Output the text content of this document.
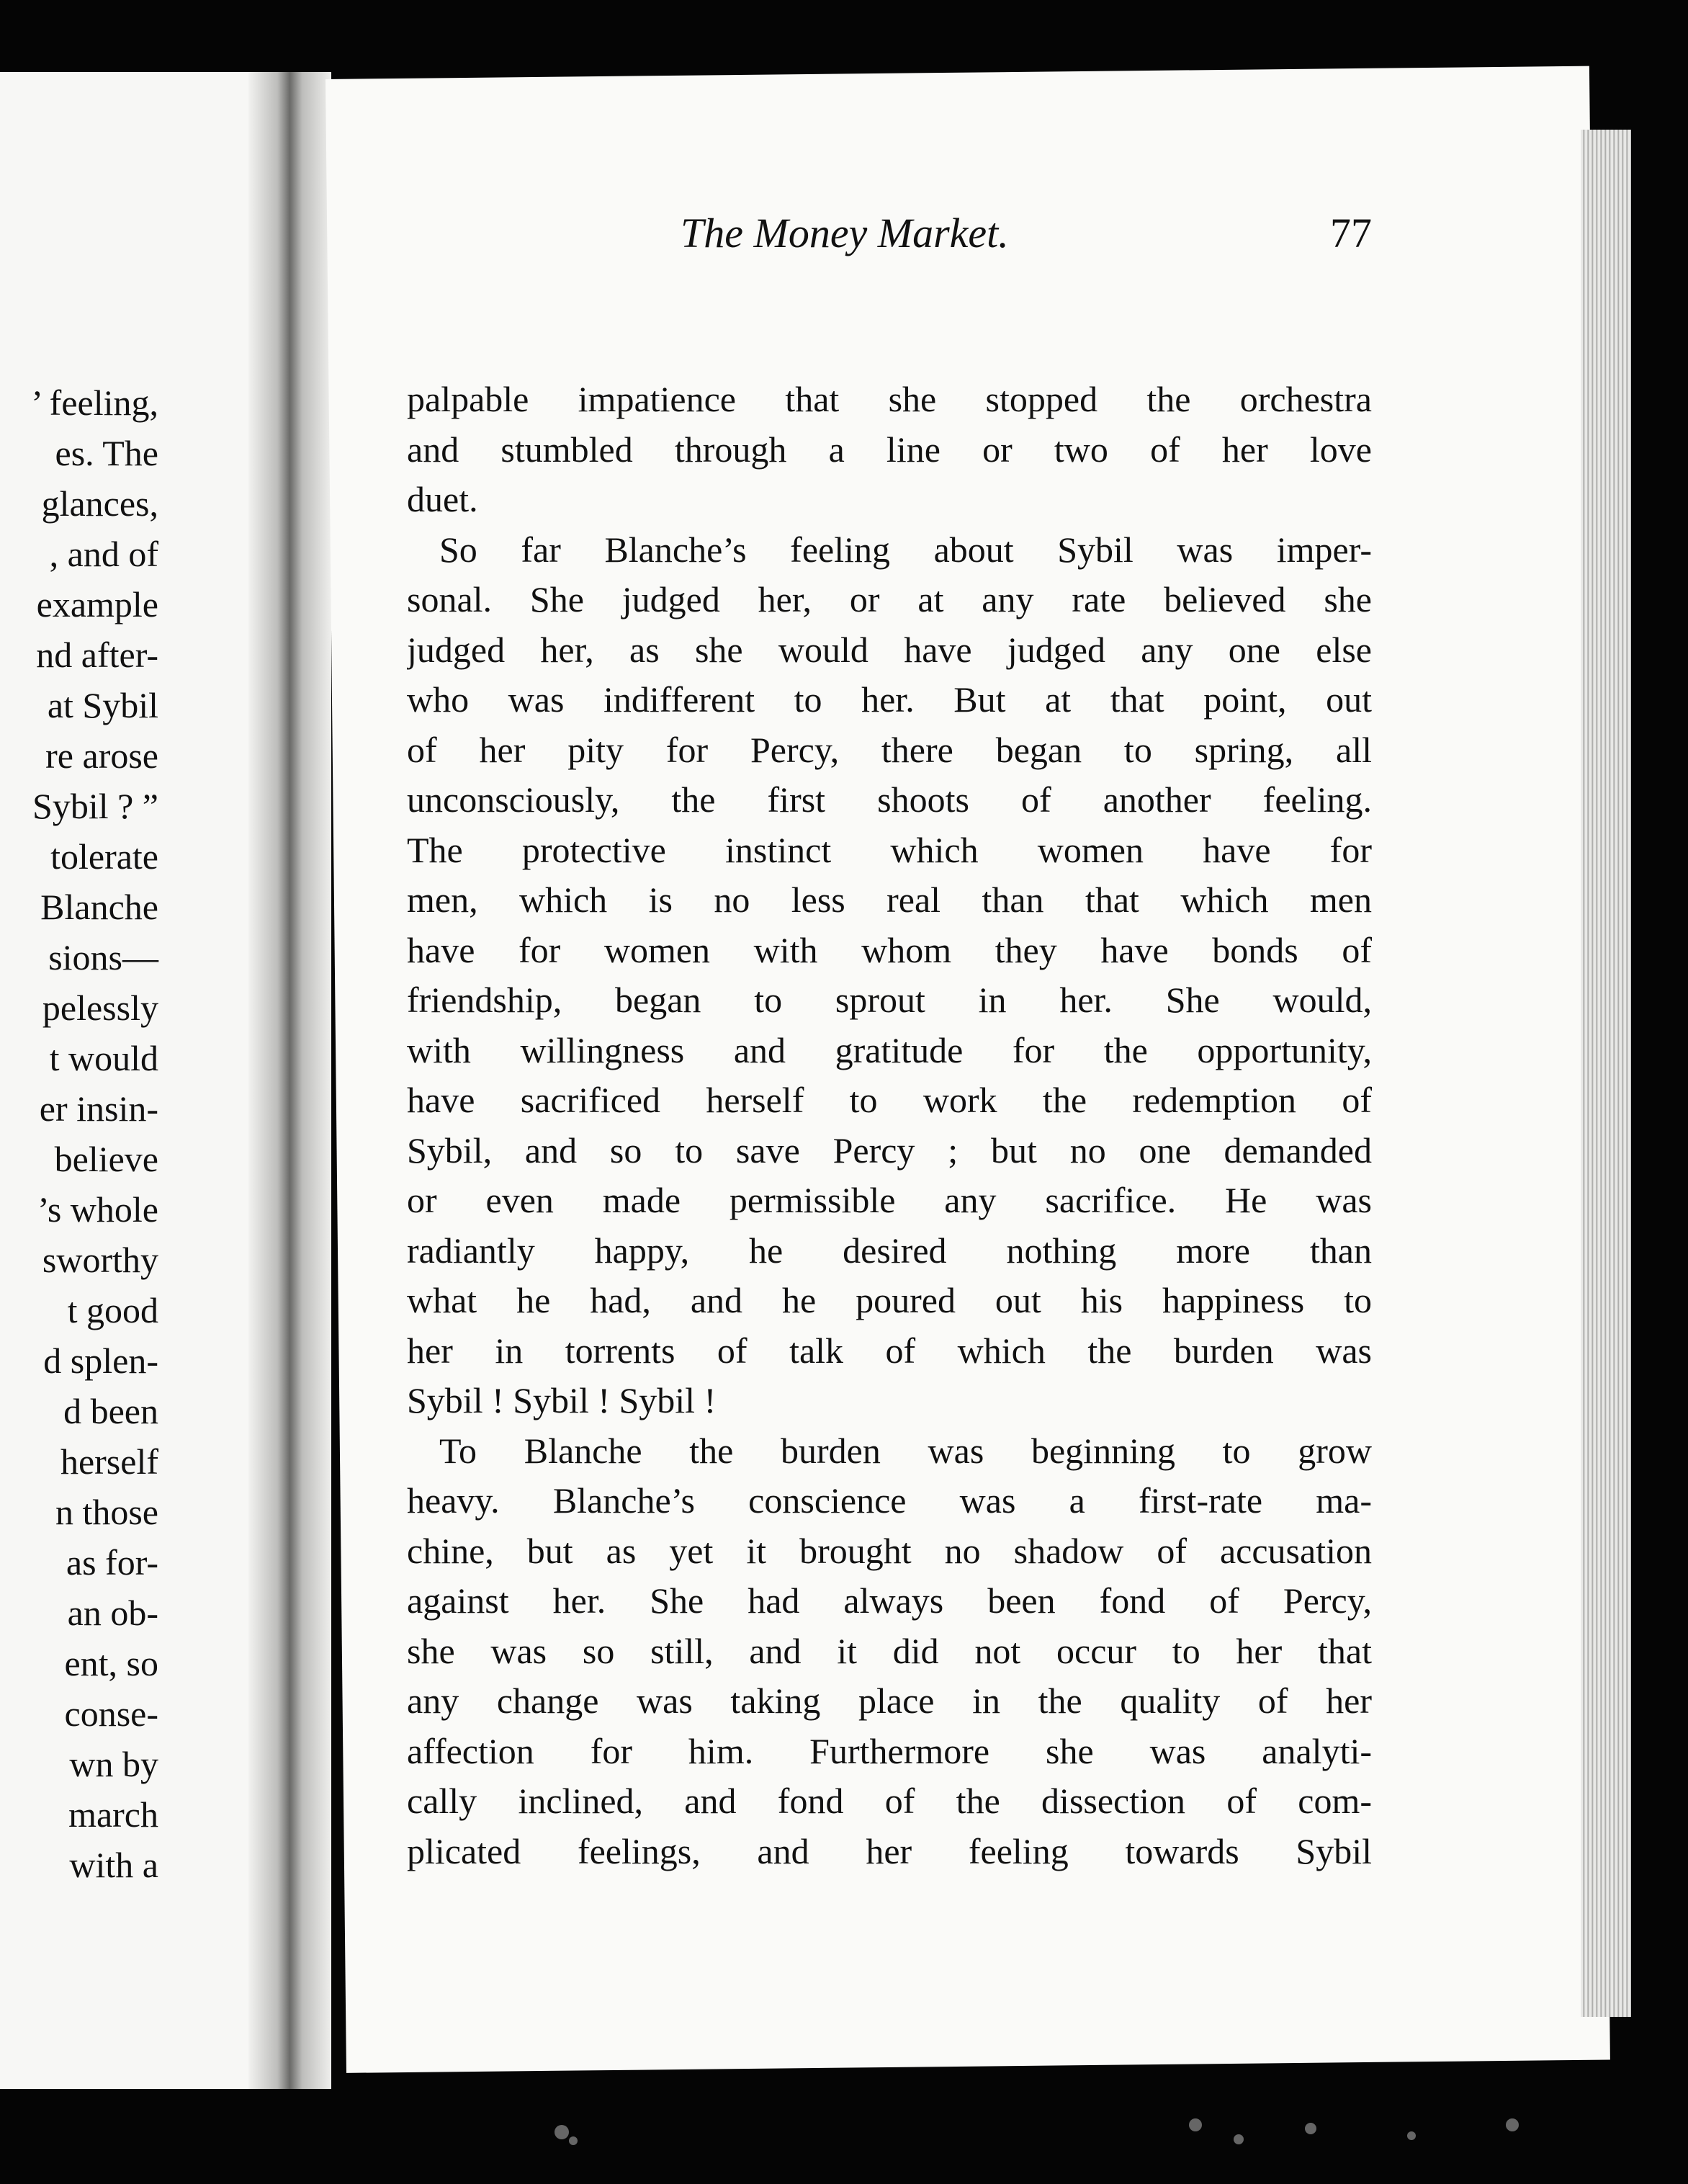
’ feeling,
es. The
glances,
, and of
example
nd after-
at Sybil
re arose
Sybil ? ”
tolerate
Blanche
sions—
pelessly
t would
er insin-
believe
’s whole
sworthy
t good
d splen-
d been
herself
n those
as for-
an ob-
ent, so
conse-
wn by
march
with a
The Money Market.	77
palpable impatience that she stopped the orchestra
and stumbled through a line or two of her love
duet.
So far Blanche’s feeling about Sybil was imper-
sonal. She judged her, or at any rate believed she
judged her, as she would have judged any one else
who was indifferent to her. But at that point, out
of her pity for Percy, there began to spring, all
unconsciously, the first shoots of another feeling.
The protective instinct which women have for
men, which is no less real than that which men
have for women with whom they have bonds of
friendship, began to sprout in her. She would,
with willingness and gratitude for the opportunity,
have sacrificed herself to work the redemption of
Sybil, and so to save Percy ; but no one demanded
or even made permissible any sacrifice. He was
radiantly happy, he desired nothing more than
what he had, and he poured out his happiness to
her in torrents of talk of which the burden was
Sybil ! Sybil ! Sybil !
To Blanche the burden was beginning to grow
heavy. Blanche’s conscience was a first-rate ma-
chine, but as yet it brought no shadow of accusation
against her. She had always been fond of Percy,
she was so still, and it did not occur to her that
any change was taking place in the quality of her
affection for him. Furthermore she was analyti-
cally inclined, and fond of the dissection of com-
plicated feelings, and her feeling towards Sybil
